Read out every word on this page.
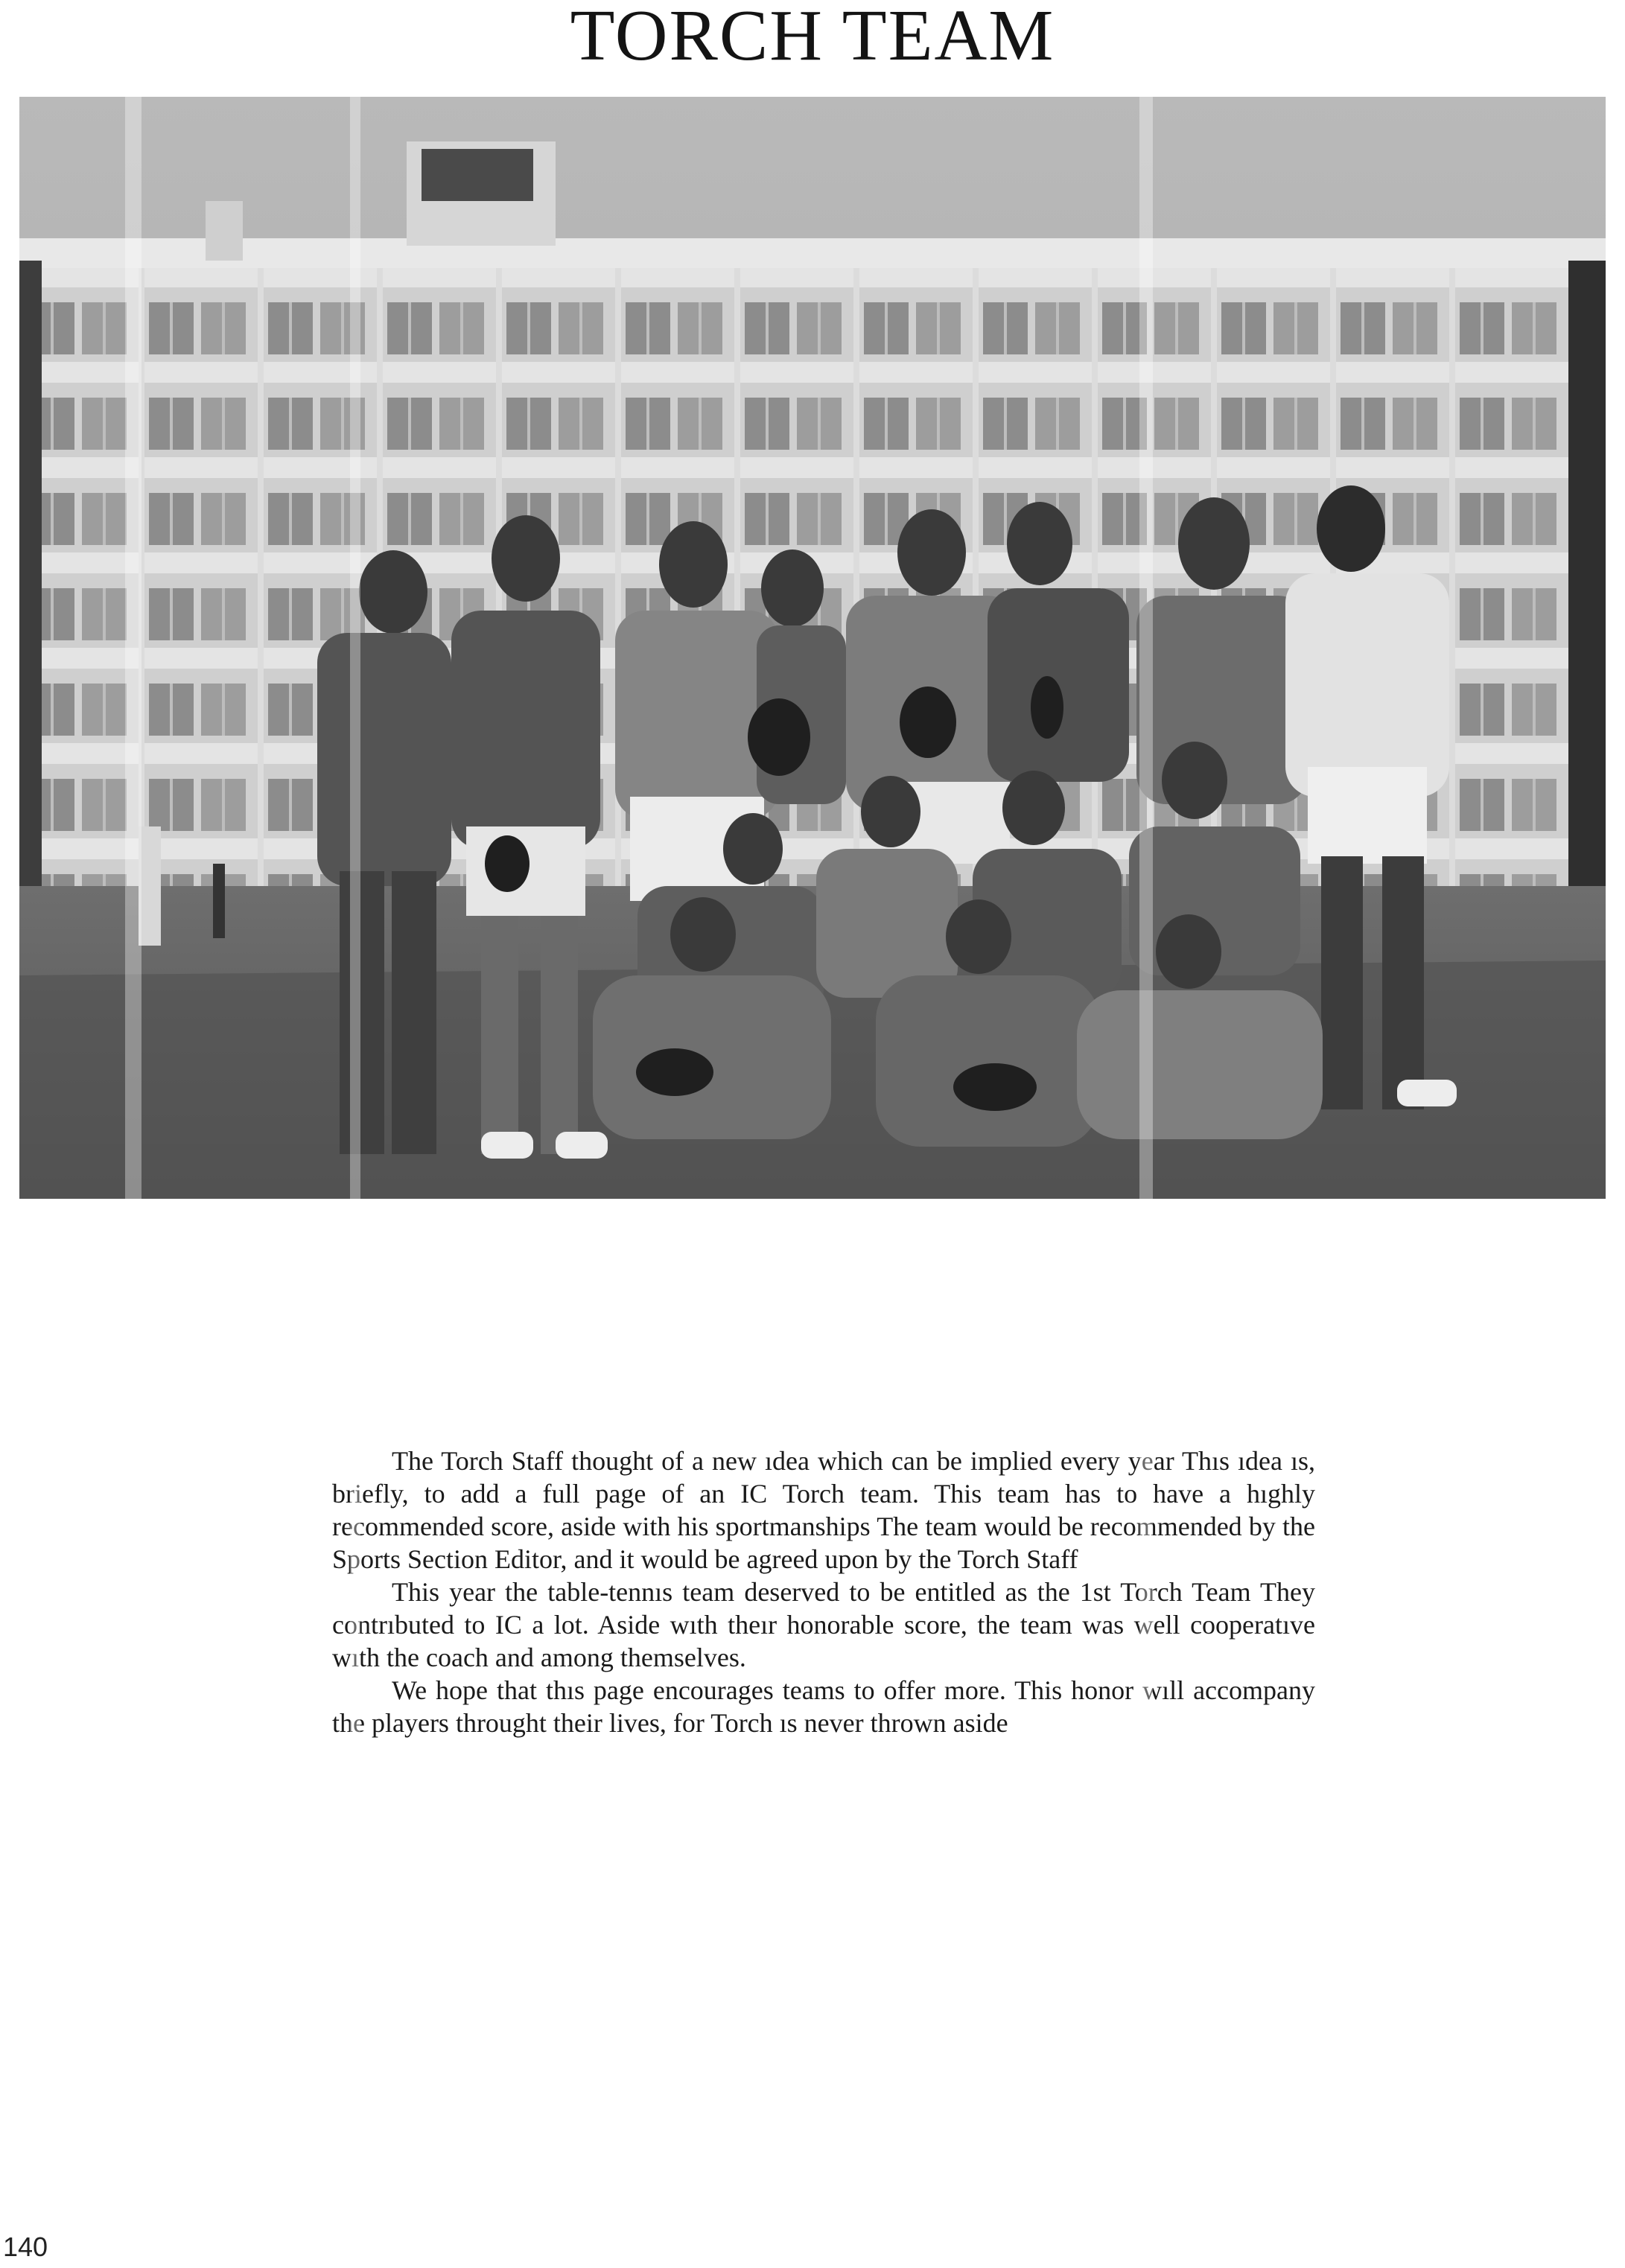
TORCH TEAM

The Torch Staff thought of a new ıdea which can be implied every year Thıs ıdea ıs, briefly, to add a full page of an IC Torch team. This team has to have a hıghly recommended score, aside with his sportmanships The team would be recommended by the Sports Section Editor, and it would be agreed upon by the Torch Staff

This year the table-tennıs team deserved to be entitled as the 1st Torch Team They contrıbuted to IC a lot. Aside wıth theır honorable score, the team was well cooperatıve wıth the coach and among themselves.

We hope that thıs page encourages teams to offer more. This honor wıll accompany the players throught their lives, for Torch ıs never thrown aside

140
